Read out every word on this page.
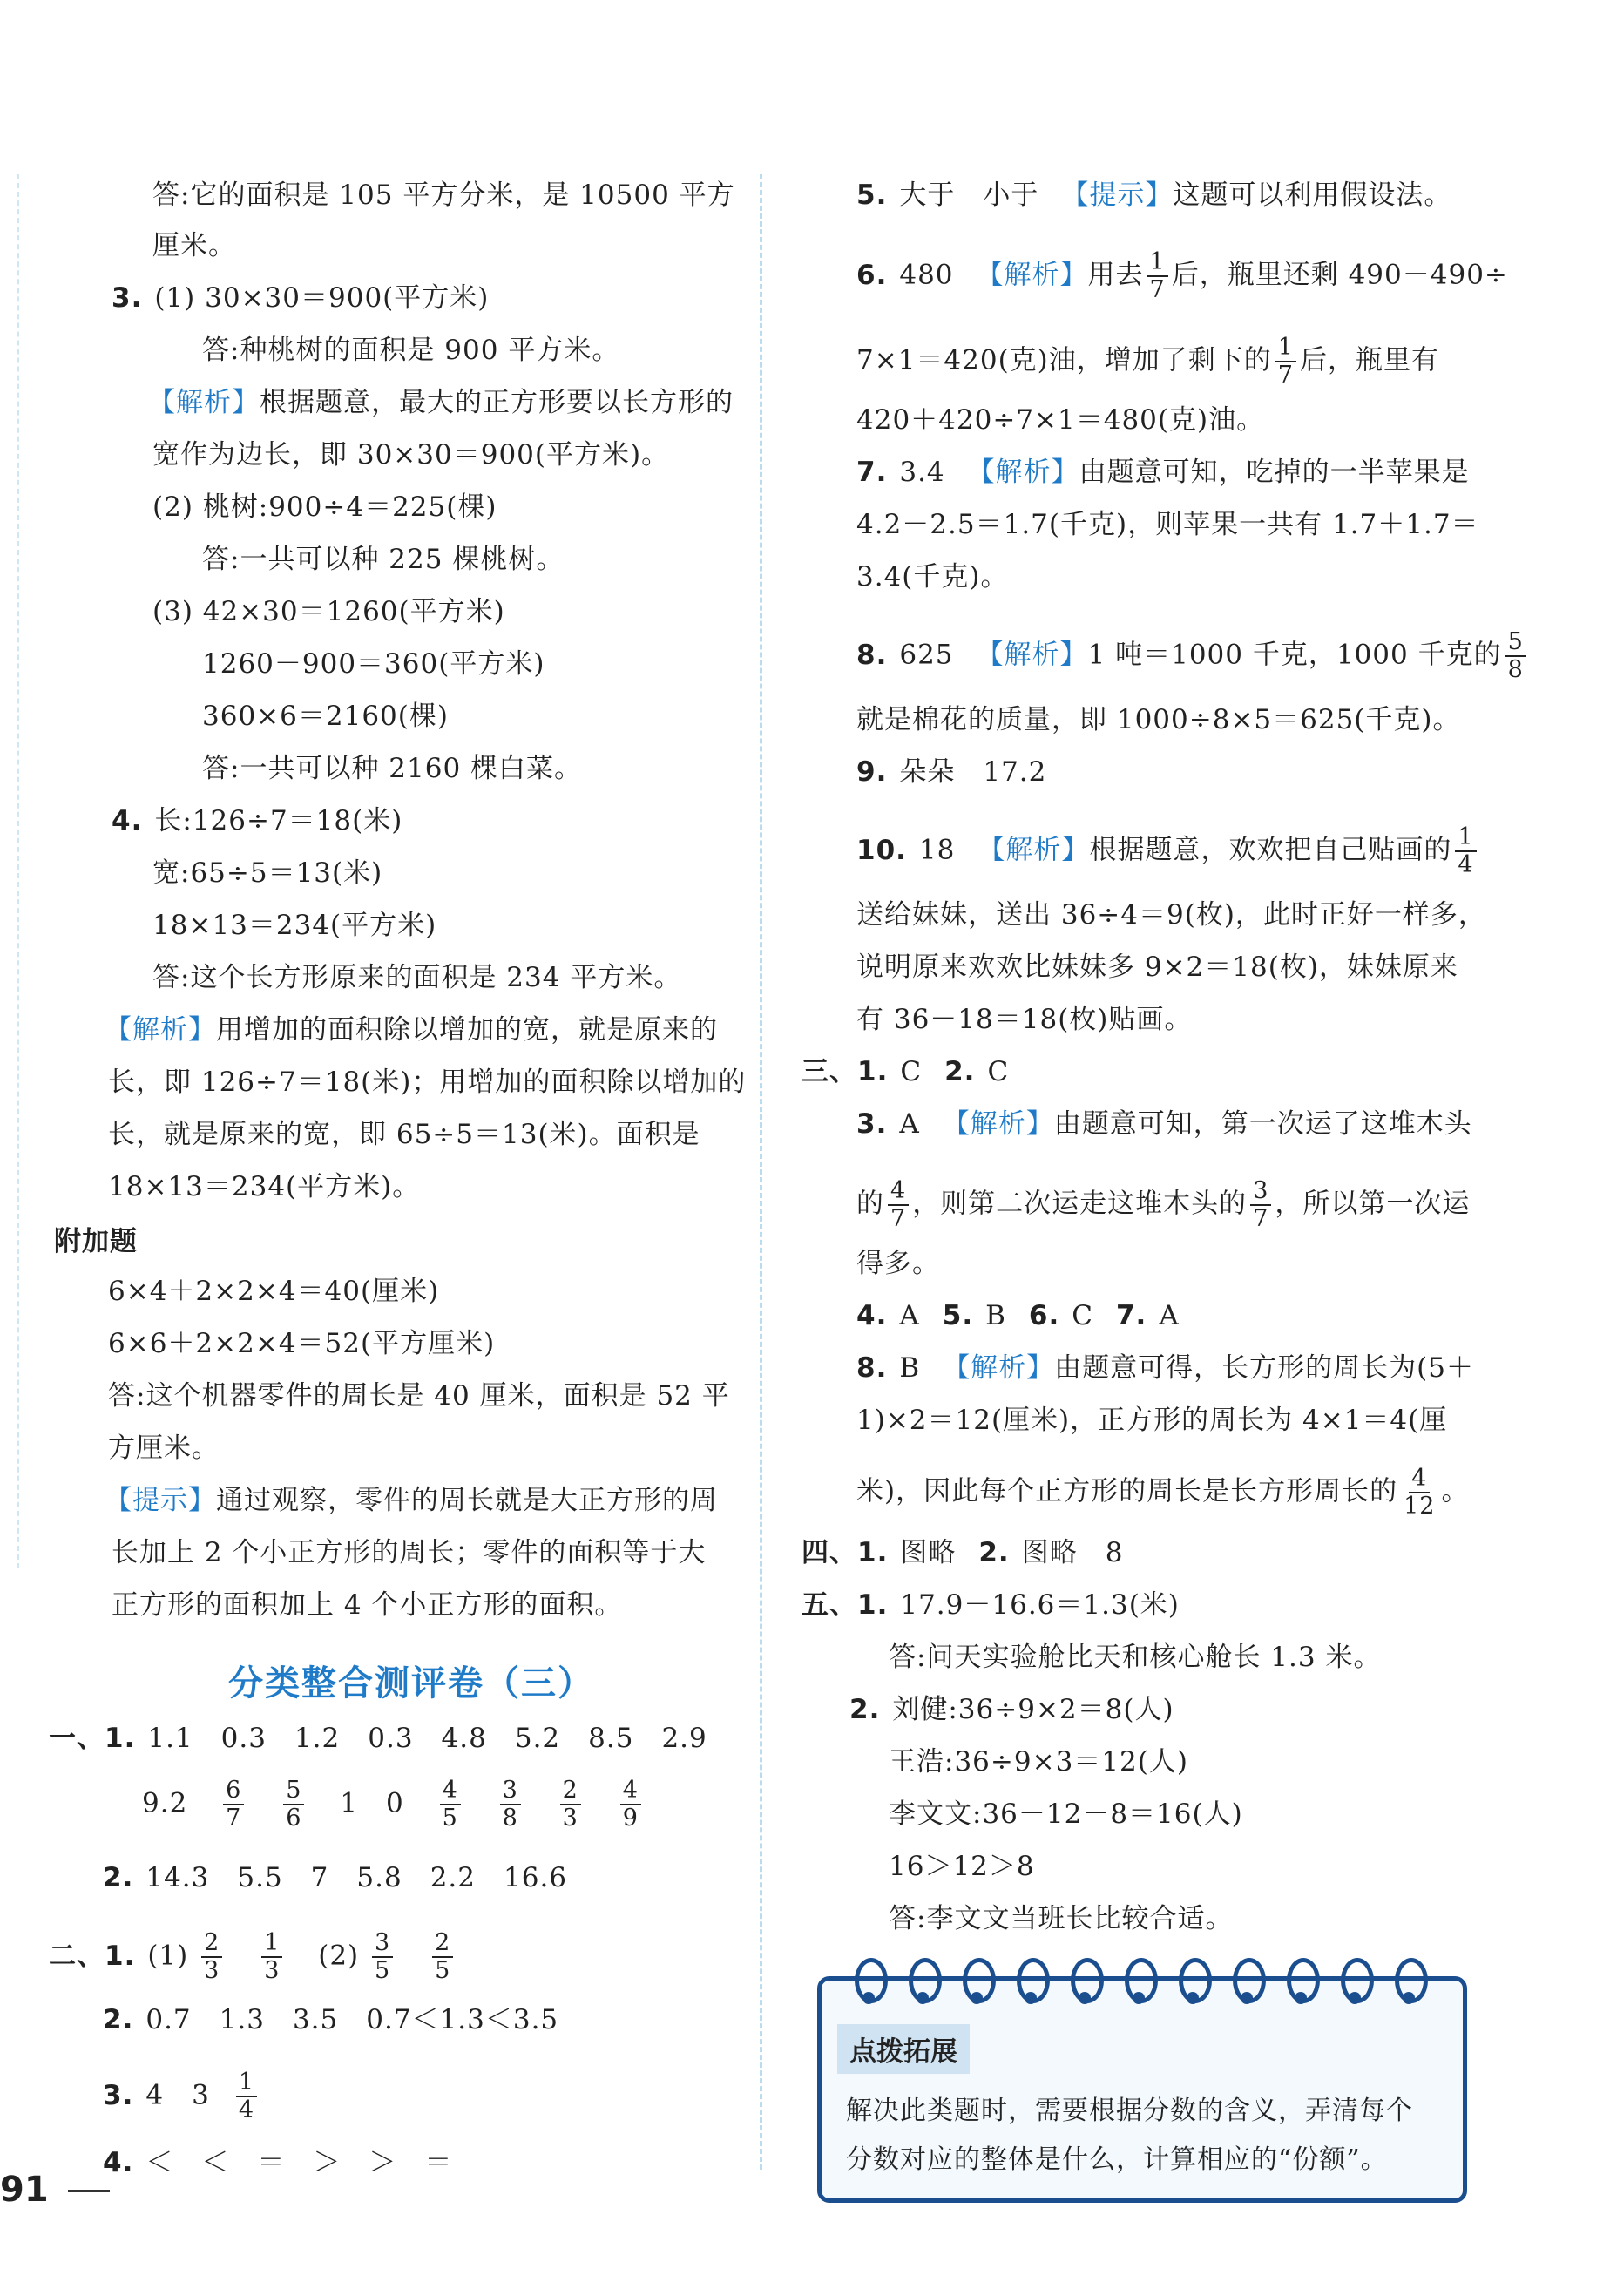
答:它的面积是 105 平方分米，是 10500 平方
厘米。
3. (1) 30×30＝900(平方米)
答:种桃树的面积是 900 平方米。
【解析】根据题意，最大的正方形要以长方形的
宽作为边长，即 30×30＝900(平方米)。
(2) 桃树:900÷4＝225(棵)
答:一共可以种 225 棵桃树。
(3) 42×30＝1260(平方米)
1260－900＝360(平方米)
360×6＝2160(棵)
答:一共可以种 2160 棵白菜。
4. 长:126÷7＝18(米)
宽:65÷5＝13(米)
18×13＝234(平方米)
答:这个长方形原来的面积是 234 平方米。
【解析】用增加的面积除以增加的宽，就是原来的
长，即 126÷7＝18(米)；用增加的面积除以增加的
长，就是原来的宽，即 65÷5＝13(米)。面积是
18×13＝234(平方米)。
附加题
6×4＋2×2×4＝40(厘米)
6×6＋2×2×4＝52(平方厘米)
答:这个机器零件的周长是 40 厘米，面积是 52 平
方厘米。
【提示】通过观察，零件的周长就是大正方形的周
长加上 2 个小正方形的周长；零件的面积等于大
正方形的面积加上 4 个小正方形的面积。
分类整合测评卷（三）
一、1. 1.1　0.3　1.2　0.3　4.8　5.2　8.5　2.9
$9.2 \frac{6}{7}$
$\frac{5}{6} 1$　$0 \frac{4}{5}$
$\frac{3}{8}$
$\frac{2}{3}$
$\frac{4}{9}$
2. 14.3　5.5　7　5.8　2.2　16.6
二、1. $(1) \frac{2}{3}$
$\frac{1}{3} (2) \frac{3}{5}$
$\frac{2}{5}$
2. 0.7　1.3　3.5　0.7＜1.3＜3.5
3. 4　$3 \frac{1}{4}$
4. ＜　＜　＝　＞　＞　＝
91
5. 大于　小于 【提示】这题可以利用假设法。
6. 480 【解析】用去 $\frac{1}{7}$ 后，瓶里还剩 490－490÷
7×1＝420(克)油，增加了剩下的 $\frac{1}{7}$ 后，瓶里有
420＋420÷7×1＝480(克)油。
7. 3.4 【解析】由题意可知，吃掉的一半苹果是
4.2－2.5＝1.7(千克)，则苹果一共有 1.7＋1.7＝
3.4(千克)。
8. 625 【解析】1 吨＝1000 千克，1000 千克的 $\frac{5}{8}$
就是棉花的质量，即 1000÷8×5＝625(千克)。
9. 朵朵　17.2
10. 18 【解析】根据题意，欢欢把自己贴画的 $\frac{1}{4}$
送给妹妹，送出 36÷4＝9(枚)，此时正好一样多，
说明原来欢欢比妹妹多 9×2＝18(枚)，妹妹原来
有 36－18＝18(枚)贴画。
三、1. C 2. C
3. A 【解析】由题意可知，第一次运了这堆木头
的 $\frac{4}{7}$ ，则第二次运走这堆木头的 $\frac{3}{7}$ ，所以第一次运
得多。
4. A 5. B 6. C 7. A
8. B 【解析】由题意可得，长方形的周长为(5＋
1)×2＝12(厘米)，正方形的周长为 4×1＝4(厘
米)，因此每个正方形的周长是长方形周长的 $\frac{4}{12}$ 。
四、1. 图略 2. 图略　8
五、1. 17.9－16.6＝1.3(米)
答:问天实验舱比天和核心舱长 1.3 米。
2. 刘健:36÷9×2＝8(人)
王浩:36÷9×3＝12(人)
李文文:36－12－8＝16(人)
16＞12＞8
答:李文文当班长比较合适。
点拨拓展
解决此类题时，需要根据分数的含义，弄清每个
分数对应的整体是什么，计算相应的“份额”。
